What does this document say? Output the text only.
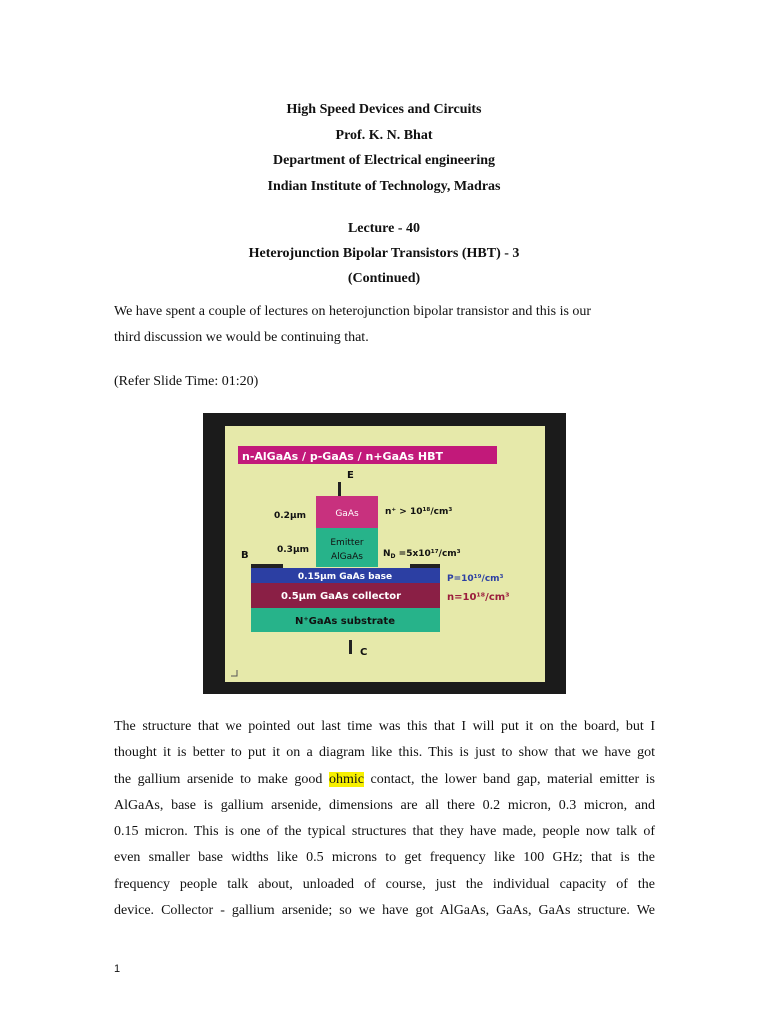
High Speed Devices and Circuits
Prof. K. N. Bhat
Department of Electrical engineering
Indian Institute of Technology, Madras
Lecture - 40
Heterojunction Bipolar Transistors (HBT) - 3
(Continued)
We have spent a couple of lectures on heterojunction bipolar transistor and this is our
third discussion we would be continuing that.
(Refer Slide Time: 01:20)
n-AlGaAs / p-GaAs / n+GaAs HBT
E
GaAs
0.2μm	n⁺ > 10¹⁸/cm³
Emitter
AlGaAs
0.3μm	$N_D =5x10^{17}/cm^3$
B
0.15μm GaAs base	P=10¹⁹/cm³
0.5μm GaAs collector	n=10¹⁸/cm³
N⁺GaAs substrate
C
The structure that we pointed out last time was this that I will put it on the board, but I
thought it is better to put it on a diagram like this. This is just to show that we have got
the gallium arsenide to make good ohmic contact, the lower band gap, material emitter is
AlGaAs, base is gallium arsenide, dimensions are all there 0.2 micron, 0.3 micron, and
0.15 micron. This is one of the typical structures that they have made, people now talk of
even smaller base widths like 0.5 microns to get frequency like 100 GHz; that is the
frequency people talk about, unloaded of course, just the individual capacity of the
device. Collector - gallium arsenide; so we have got AlGaAs, GaAs, GaAs structure. We
1
